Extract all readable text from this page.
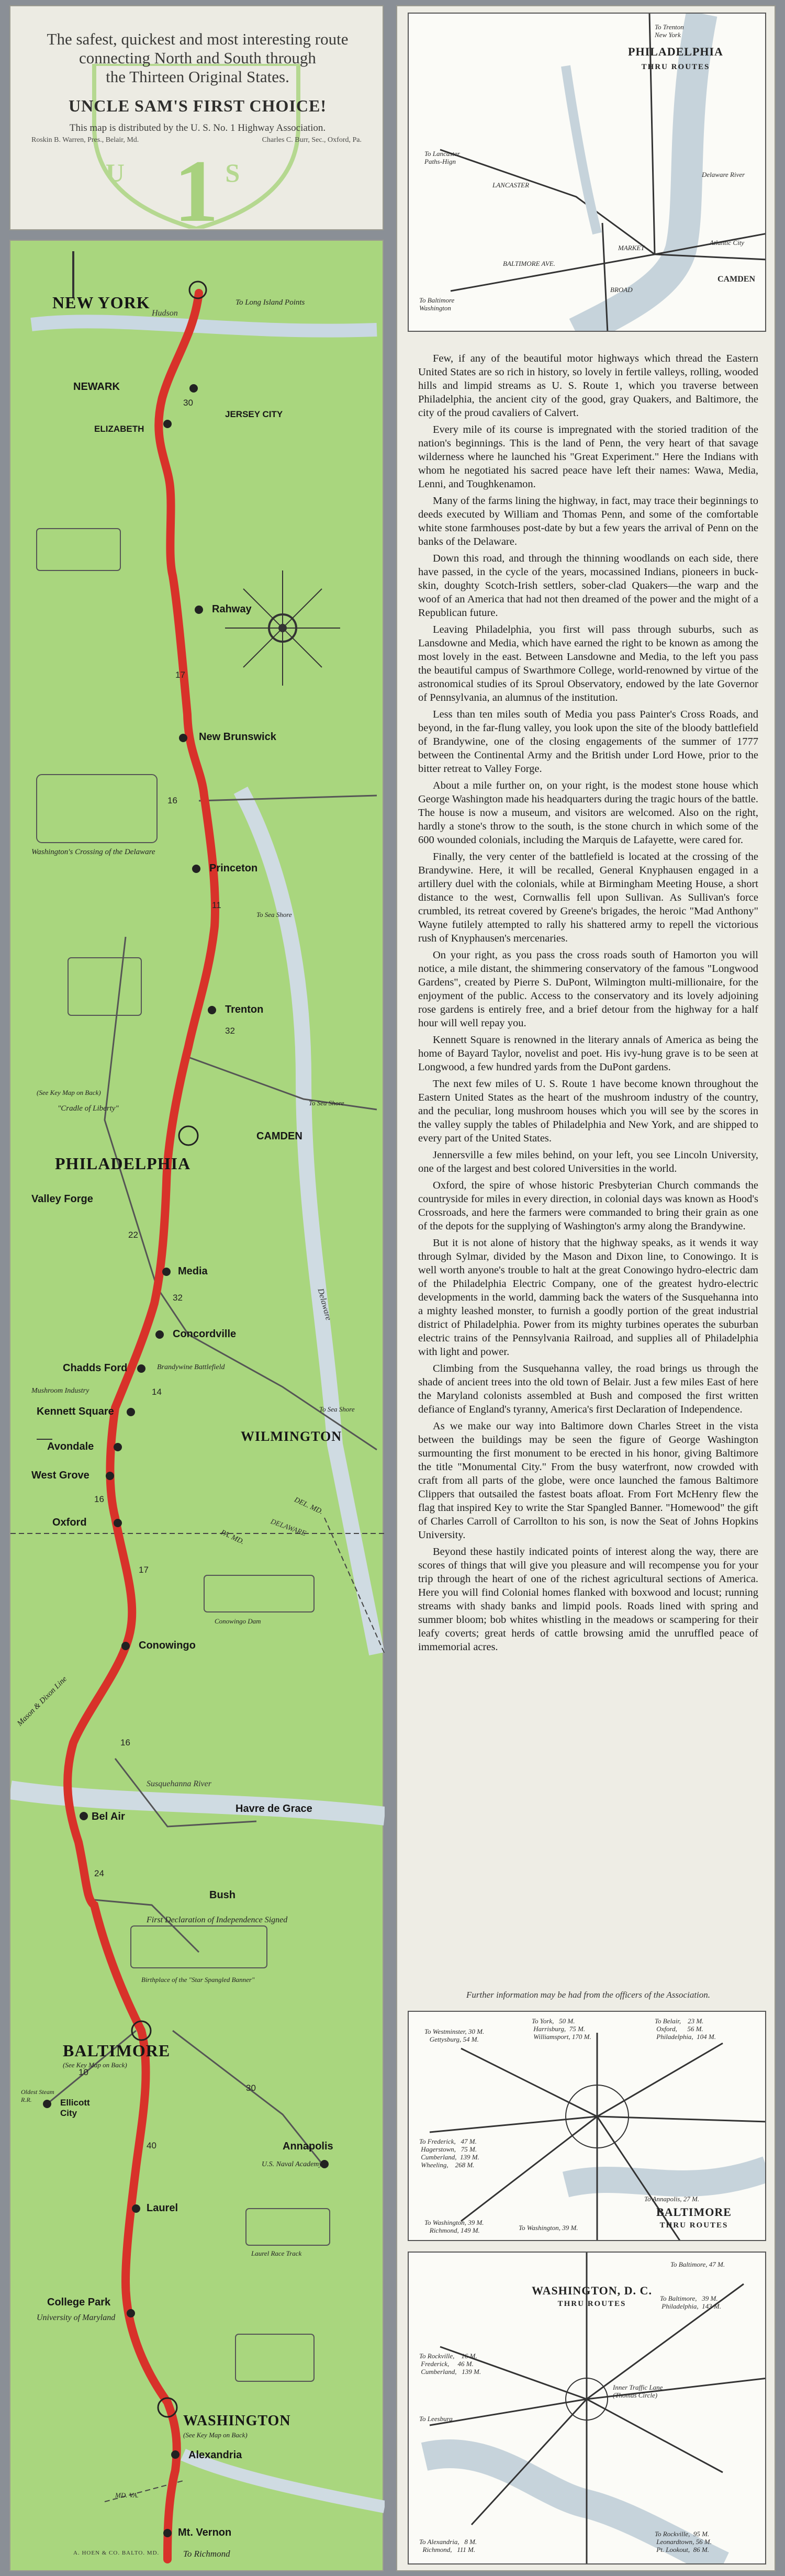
1
U S
The safest, quickest and most interesting route
connecting North and South through
the Thirteen Original States.
UNCLE SAM'S FIRST CHOICE!
This map is distributed by the U. S. No. 1 Highway Association.
Roskin B. Warren, Pres., Belair, Md.	Charles C. Burr, Sec., Oxford, Pa.
NEW YORK
NEWARK
JERSEY CITY
ELIZABETH
Rahway
New Brunswick
Princeton
Trenton
PHILADELPHIA
CAMDEN
Valley Forge
Media
Concordville
Chadds Ford
Kennett Square
WILMINGTON
Avondale
West Grove
Oxford
Conowingo
Havre de Grace
Bel Air
Bush
BALTIMORE
Ellicott City
Annapolis
Laurel
College Park
WASHINGTON
Alexandria
Mt. Vernon
To Long Island Points
To Sea Shore
Washington's Crossing of the Delaware
"Cradle of Liberty"
(See Key Map on Back)
To Sea Shore
Brandywine Battlefield
Mushroom Industry
To Sea Shore
Conowingo Dam
Mason & Dixon Line
First Declaration of Independence Signed
Birthplace of the "Star Spangled Banner"
(See Key Map on Back)
Oldest Steam R.R.
U.S. Naval Academy
Laurel Race Track
University of Maryland
(See Key Map on Back)
To Richmond
A. HOEN & CO. BALTO. MD.
Hudson
Delaware
Susquehanna River
DELAWARE
PA. MD.
DEL. MD.
MD. VA.
30
17
16
11
32
22
32
14
16
17
16
24
10
30
40
PHILADELPHIA
THRU ROUTES
To Trenton
New York
To Lancaster
Paths-Hign
To Baltimore
Washington
Atlantic City
CAMDEN
Delaware River
LANCASTER
BALTIMORE AVE.
BROAD
MARKET

Few, if any of the beautiful motor highways which thread the Eastern United States are so rich in history, so lovely in fertile valleys, rolling, wooded hills and limpid streams as U. S. Route 1, which you traverse between Philadelphia, the ancient city of the good, gray Quakers, and Baltimore, the city of the proud cavaliers of Calvert.

Every mile of its course is impregnated with the storied tradition of the nation's beginnings. This is the land of Penn, the very heart of that savage wilderness where he launched his "Great Experiment." Here the Indians with whom he negotiated his sacred peace have left their names: Wawa, Media, Lenni, and Toughkenamon.

Many of the farms lining the highway, in fact, may trace their beginnings to deeds executed by William and Thomas Penn, and some of the comfortable white stone farmhouses post-date by but a few years the arrival of Penn on the banks of the Delaware.

Down this road, and through the thinning woodlands on each side, there have passed, in the cycle of the years, mocassined Indians, pioneers in buck-skin, doughty Scotch-Irish settlers, sober-clad Quakers—the warp and the woof of an America that had not then dreamed of the power and the might of a Republican future.

Leaving Philadelphia, you first will pass through suburbs, such as Lansdowne and Media, which have earned the right to be known as among the most lovely in the east. Between Lansdowne and Media, to the left you pass the beautiful campus of Swarthmore College, world-renowned by virtue of the astronomical studies of its Sproul Observatory, endowed by the late Governor of Pennsylvania, an alumnus of the institution.

Less than ten miles south of Media you pass Painter's Cross Roads, and beyond, in the far-flung valley, you look upon the site of the bloody battlefield of Brandywine, one of the closing engagements of the summer of 1777 between the Continental Army and the British under Lord Howe, prior to the bitter retreat to Valley Forge.

About a mile further on, on your right, is the modest stone house which George Washington made his headquarters during the tragic hours of the battle. The house is now a museum, and visitors are welcomed. Also on the right, hardly a stone's throw to the south, is the stone church in which some of the 600 wounded colonials, including the Marquis de Lafayette, were cared for.

Finally, the very center of the battlefield is located at the crossing of the Brandywine. Here, it will be recalled, General Knyphausen engaged in a artillery duel with the colonials, while at Birmingham Meeting House, a short distance to the west, Cornwallis fell upon Sullivan. As Sullivan's force crumbled, its retreat covered by Greene's brigades, the heroic "Mad Anthony" Wayne futilely attempted to rally his shattered army to repell the victorious rush of Knyphausen's mercenaries.

On your right, as you pass the cross roads south of Hamorton you will notice, a mile distant, the shimmering conservatory of the famous "Longwood Gardens", created by Pierre S. DuPont, Wilmington multi-millionaire, for the enjoyment of the public. Access to the conservatory and its lovely adjoining rose gardens is entirely free, and a brief detour from the highway for a half hour will well repay you.

Kennett Square is renowned in the literary annals of America as being the home of Bayard Taylor, novelist and poet. His ivy-hung grave is to be seen at Longwood, a few hundred yards from the DuPont gardens.

The next few miles of U. S. Route 1 have become known throughout the Eastern United States as the heart of the mushroom industry of the country, and the peculiar, long mushroom houses which you will see by the scores in the valley supply the tables of Philadelphia and New York, and are shipped to every part of the United States.

Jennersville a few miles behind, on your left, you see Lincoln University, one of the largest and best colored Universities in the world.

Oxford, the spire of whose historic Presbyterian Church commands the countryside for miles in every direction, in colonial days was known as Hood's Crossroads, and here the farmers were commanded to bring their grain as one of the depots for the supplying of Washington's army along the Brandywine.

But it is not alone of history that the highway speaks, as it wends it way through Sylmar, divided by the Mason and Dixon line, to Conowingo. It is well worth anyone's trouble to halt at the great Conowingo hydro-electric dam of the Philadelphia Electric Company, one of the greatest hydro-electric developments in the world, damming back the waters of the Susquehanna into a mighty leashed monster, to furnish a goodly portion of the great industrial district of Philadelphia. Power from its mighty turbines operates the suburban electric trains of the Pennsylvania Railroad, and supplies all of Philadelphia with light and power.

Climbing from the Susquehanna valley, the road brings us through the shade of ancient trees into the old town of Belair. Just a few miles East of here the Maryland colonists assembled at Bush and composed the first written defiance of England's tyranny, America's first Declaration of Independence.

As we make our way into Baltimore down Charles Street in the vista between the buildings may be seen the figure of George Washington surmounting the first monument to be erected in his honor, giving Baltimore the title "Monumental City." From the busy waterfront, now crowded with craft from all parts of the globe, were once launched the famous Baltimore Clippers that outsailed the fastest boats afloat. From Fort McHenry flew the flag that inspired Key to write the Star Spangled Banner. "Homewood" the gift of Charles Carroll of Carrollton to his son, is now the Seat of Johns Hopkins University.

Beyond these hastily indicated points of interest along the way, there are scores of things that will give you pleasure and will recompense you for your trip through the heart of one of the richest agricultural sections of America. Here you will find Colonial homes flanked with boxwood and locust; running streams with shady banks and limpid pools. Roads lined with spring and summer bloom; bob whites whistling in the meadows or scampering for their leafy coverts; great herds of cattle browsing amid the unruffled peace of immemorial acres.

Further information may be had from the officers of the Association.
BALTIMORE
THRU ROUTES
To Westminster, 30 M.
Gettysburg, 54 M.
To York,   50 M.
Harrisburg,  75 M.
Williamsport, 170 M.
To Belair,    23 M.
Oxford,      56 M.
Philadelphia,  104 M.
To Frederick,   47 M.
Hagerstown,   75 M.
Cumberland,  139 M.
Wheeling,    268 M.
To Washington, 39 M.
Richmond, 149 M.	To Washington, 39 M.
To Annapolis, 27 M.
WASHINGTON, D. C.
THRU ROUTES
To Baltimore, 47 M.
To Baltimore,   39 M.
Philadelphia,  143 M.
To Rockville,    16 M.
Frederick,     46 M.
Cumberland,   139 M.
To Leesburg
Inner Traffic Lane
(Thomas Circle)
To Alexandria,   8 M.
Richmond,   111 M.
To Rockville,  95 M.
Leonardtown, 56 M.
Pt. Lookout,  86 M.
